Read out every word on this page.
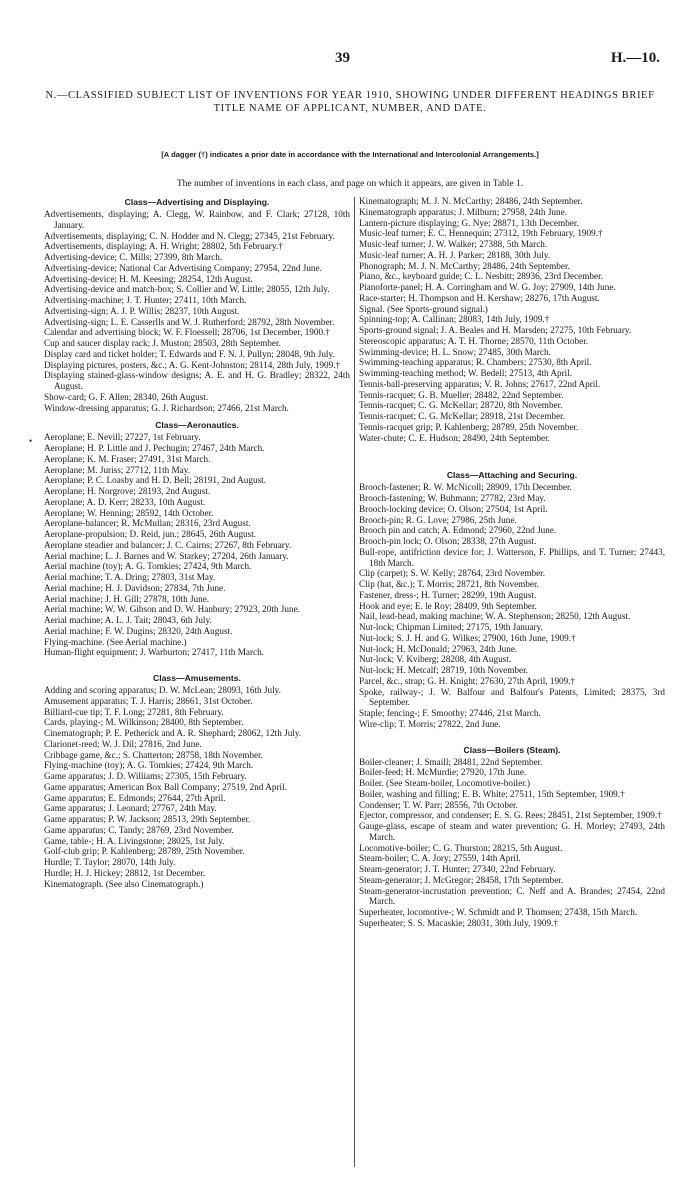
39	H.—10.
N.—CLASSIFIED SUBJECT LIST OF INVENTIONS FOR YEAR 1910, SHOWING UNDER DIFFERENT HEADINGS BRIEF TITLE NAME OF APPLICANT, NUMBER, AND DATE.
[A dagger (†) indicates a prior date in accordance with the International and Intercolonial Arrangements.]
The number of inventions in each class, and page on which it appears, are given in Table 1.
•
Class—Advertising and Displaying.
Advertisements, displaying; A. Clegg, W. Rainbow, and F. Clark; 27128, 10th January.
Advertisements, displaying; C. N. Hodder and N. Clegg; 27345, 21st February.
Advertisements, displaying; A. H. Wright; 28802, 5th February.†
Advertising-device; C. Mills; 27399, 8th March.
Advertising-device; National Car Advertising Company; 27954, 22nd June.
Advertising-device; H. M. Keesing; 28254, 12th August.
Advertising-device and match-box; S. Collier and W. Little; 28055, 12th July.
Advertising-machine; J. T. Hunter; 27411, 10th March.
Advertising-sign; A. J. P. Willis; 28237, 10th August.
Advertising-sign; L. E. Casserlls and W. J. Rutherford; 28792, 28th November.
Calendar and advertising block; W. F. Floessell; 28706, 1st December, 1900.†
Cup and saucer display rack; J. Muston; 28503, 28th September.
Display card and ticket holder; T. Edwards and F. N. J. Pullyn; 28048, 9th July.
Displaying pictures, posters, &c.; A. G. Kent-Johnston; 28114, 28th July, 1909.†
Displaying stained-glass-window designs; A. E. and H. G. Bradley; 28322, 24th August.
Show-card; G. F. Allen; 28340, 26th August.
Window-dressing apparatus; G. J. Richardson; 27466, 21st March.
Class—Aeronautics.
Aeroplane; E. Nevill; 27227, 1st February.
Aeroplane; H. P. Little and J. Pechugin; 27467, 24th March.
Aeroplane; K. M. Fraser; 27491, 31st March.
Aeroplane; M. Juriss; 27712, 11th May.
Aeroplane; P. C. Loasby and H. D. Bell; 28191, 2nd August.
Aeroplane; H. Norgrove; 28193, 2nd August.
Aeroplane; A. D. Kerr; 28233, 10th August.
Aeroplane; W. Henning; 28592, 14th October.
Aeroplane-balancer; R. McMullan; 28316, 23rd August.
Aeroplane-propulsion; D. Reid, jun.; 28645, 26th August.
Aeroplane steadier and balancer; J. C. Cairns; 27267, 8th February.
Aerial machine; L. J. Barnes and W. Starkey; 27204, 26th January.
Aerial machine (toy); A. G. Tomkies; 27424, 9th March.
Aerial machine; T. A. Dring; 27803, 31st May.
Aerial machine; H. J. Davidson; 27834, 7th June.
Aerial machine; J. H. Gill; 27878, 10th June.
Aerial machine; W. W. Gibson and D. W. Hanbury; 27923, 20th June.
Aerial machine; A. L. J. Tait; 28043, 6th July.
Aerial machine; F. W. Dugins; 28320, 24th August.
Flying-machine. (See Aerial machine.)
Human-flight equipment; J. Warburton; 27417, 11th March.
Class—Amusements.
Adding and scoring apparatus; D. W. McLean; 28093, 16th July.
Amusement apparatus; T. J. Harris; 28661, 31st October.
Billiard-cue tip; T. F. Long; 27281, 8th February.
Cards, playing-; M. Wilkinson; 28400, 8th September.
Cinematograph; P. E. Petherick and A. R. Shephard; 28062, 12th July.
Clarionet-reed; W. J. Dil; 27816, 2nd June.
Cribbage game, &c.; S. Chatterton; 28758, 18th November.
Flying-machine (toy); A. G. Tomkies; 27424, 9th March.
Game apparatus; J. D. Williams; 27305, 15th February.
Game apparatus; American Box Ball Company; 27519, 2nd April.
Game apparatus; E. Edmonds; 27644, 27th April.
Game apparatus; J. Leonard; 27767, 24th May.
Game apparatus; P. W. Jackson; 28513, 29th September.
Game apparatus; C. Tandy; 28769, 23rd November.
Game, table-; H. A. Livingstone; 28025, 1st July.
Golf-club grip; P. Kahlenberg; 28789, 25th November.
Hurdle; T. Taylor; 28070, 14th July.
Hurdle; H. J. Hickey; 28812, 1st December.
Kinematograph. (See also Cinematograph.)
Kinematograph; M. J. N. McCarthy; 28486, 24th September.
Kinematograph apparatus; J. Milburn; 27958, 24th June.
Lantern-picture displaying; G. Nye; 28871, 13th December.
Music-leaf turner; E. C. Hennequin; 27312, 19th February, 1909.†
Music-leaf turner; J. W. Walker; 27388, 5th March.
Music-leaf turner; A. H. J. Parker; 28188, 30th July.
Phonograph; M. J. N. McCarthy; 28486, 24th September.
Piano, &c., keyboard guide; C. L. Nesbitt; 28936, 23rd December.
Pianoforte-panel; H. A. Corringham and W. G. Joy; 27909, 14th June.
Race-starter; H. Thompson and H. Kershaw; 28276, 17th August.
Signal. (See Sports-ground signal.)
Spinning-top; A. Callinan; 28083, 14th July, 1909.†
Sports-ground signal; J. A. Beales and H. Marsden; 27275, 10th February.
Stereoscopic apparatus; A. T. H. Thorne; 28570, 11th October.
Swimming-device; H. L. Snow; 27485, 30th March.
Swimming-teaching apparatus; R. Chambers; 27530, 8th April.
Swimming-teaching method; W. Bedell; 27513, 4th April.
Tennis-ball-preserving apparatus; V. R. Johns; 27617, 22nd April.
Tennis-racquet; G. B. Mueller; 28482, 22nd September.
Tennis-racquet; C. G. McKellar; 28720, 8th November.
Tennis-racquet; C. G. McKellar; 28918, 21st December.
Tennis-racquet grip; P. Kahlenberg; 28789, 25th November.
Water-chute; C. E. Hudson; 28490, 24th September.
Class—Attaching and Securing.
Brooch-fastener; R. W. McNicoll; 28909, 17th December.
Brooch-fastening; W. Buhmann; 27782, 23rd May.
Brooch-locking device; O. Olson; 27504, 1st April.
Brooch-pin; R. G. Love; 27986, 25th June.
Brooch pin and catch; A. Edmond; 27960, 22nd June.
Brooch-pin lock; O. Olson; 28338, 27th August.
Bull-rope, antifriction device for; J. Watterson, F. Phillips, and T. Turner; 27443, 18th March.
Clip (carpet); S. W. Kelly; 28764, 23rd November.
Clip (hat, &c.); T. Morris; 28721, 8th November.
Fastener, dress-; H. Turner; 28299, 19th August.
Hook and eye; E. le Roy; 28409, 9th September.
Nail, lead-head, making machine; W. A. Stephenson; 28250, 12th August.
Nut-lock; Chipman Limited; 27175, 19th January.
Nut-lock; S. J. H. and G. Wilkes; 27900, 16th June, 1909.†
Nut-lock; H. McDonald; 27963, 24th June.
Nut-lock; V. Kviberg; 28208, 4th August.
Nut-lock; H. Metcalf; 28719, 10th November.
Parcel, &c., strap; G. H. Knight; 27630, 27th April, 1909.†
Spoke, railway-; J. W. Balfour and Balfour's Patents, Limited; 28375, 3rd September.
Staple; fencing-; F. Smoothy; 27446, 21st March.
Wire-clip; T. Morris; 27822, 2nd June.
Class—Boilers (Steam).
Boiler-cleaner; J. Smaill; 28481, 22nd September.
Boiler-feed; H. McMurdie; 27920, 17th June.
Boiler. (See Steam-boiler, Locomotive-boiler.)
Boiler, washing and filling; E. B. White; 27511, 15th September, 1909.†
Condenser; T. W. Parr; 28556, 7th October.
Ejector, compressor, and condenser; E. S. G. Rees; 28451, 21st September, 1909.†
Gauge-glass, escape of steam and water prevention; G. H. Morley; 27493, 24th March.
Locomotive-boiler; C. G. Thurston; 28215, 5th August.
Steam-boiler; C. A. Jory; 27559, 14th April.
Steam-generator; J. T. Hunter; 27340, 22nd February.
Steam-generator; J. McGregor; 28458, 17th September.
Steam-generator-incrustation prevention; C. Neff and A. Brandes; 27454, 22nd March.
Superheater, locomotive-; W. Schmidt and P. Thomsen; 27438, 15th March.
Superheater; S. S. Macaskie; 28031, 30th July, 1909.†
